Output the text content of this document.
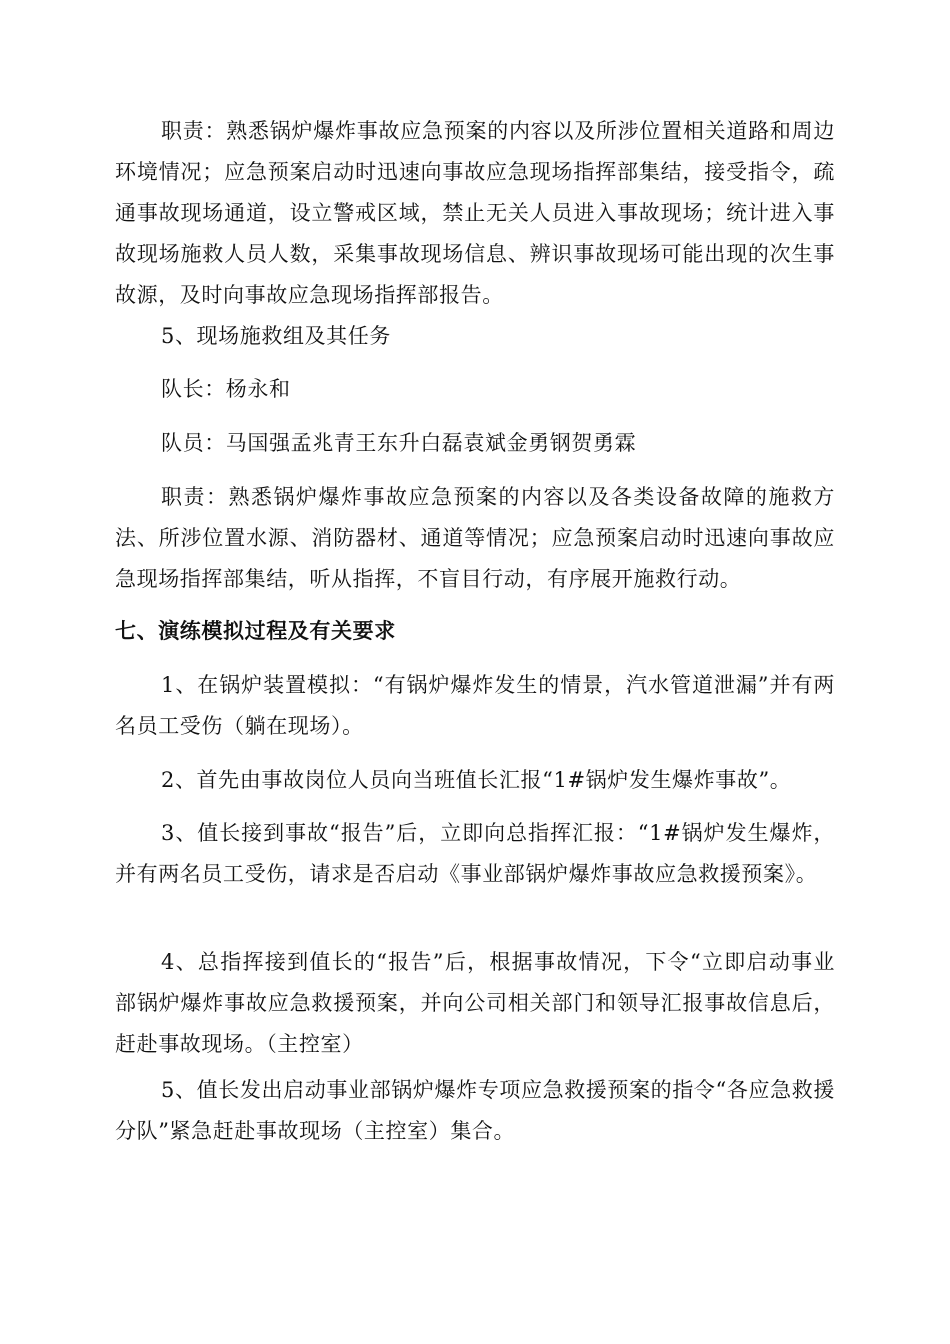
职责：熟悉锅炉爆炸事故应急预案的内容以及所涉位置相关道路和周边环境情况；应急预案启动时迅速向事故应急现场指挥部集结，接受指令，疏通事故现场通道，设立警戒区域，禁止无关人员进入事故现场；统计进入事故现场施救人员人数，采集事故现场信息、辨识事故现场可能出现的次生事故源，及时向事故应急现场指挥部报告。

5、现场施救组及其任务

队长：杨永和

队员：马国强孟兆青王东升白磊袁斌金勇钢贺勇霖

职责：熟悉锅炉爆炸事故应急预案的内容以及各类设备故障的施救方法、所涉位置水源、消防器材、通道等情况；应急预案启动时迅速向事故应急现场指挥部集结，听从指挥，不盲目行动，有序展开施救行动。

七、演练模拟过程及有关要求

1、在锅炉装置模拟：“有锅炉爆炸发生的情景，汽水管道泄漏”并有两名员工受伤（躺在现场）。

2、首先由事故岗位人员向当班值长汇报“1#锅炉发生爆炸事故”。

3、值长接到事故“报告”后，立即向总指挥汇报：“1#锅炉发生爆炸，并有两名员工受伤，请求是否启动《事业部锅炉爆炸事故应急救援预案》。

4、总指挥接到值长的“报告”后，根据事故情况，下令“立即启动事业部锅炉爆炸事故应急救援预案，并向公司相关部门和领导汇报事故信息后，赶赴事故现场。（主控室）

5、值长发出启动事业部锅炉爆炸专项应急救援预案的指令“各应急救援分队”紧急赶赴事故现场（主控室）集合。
